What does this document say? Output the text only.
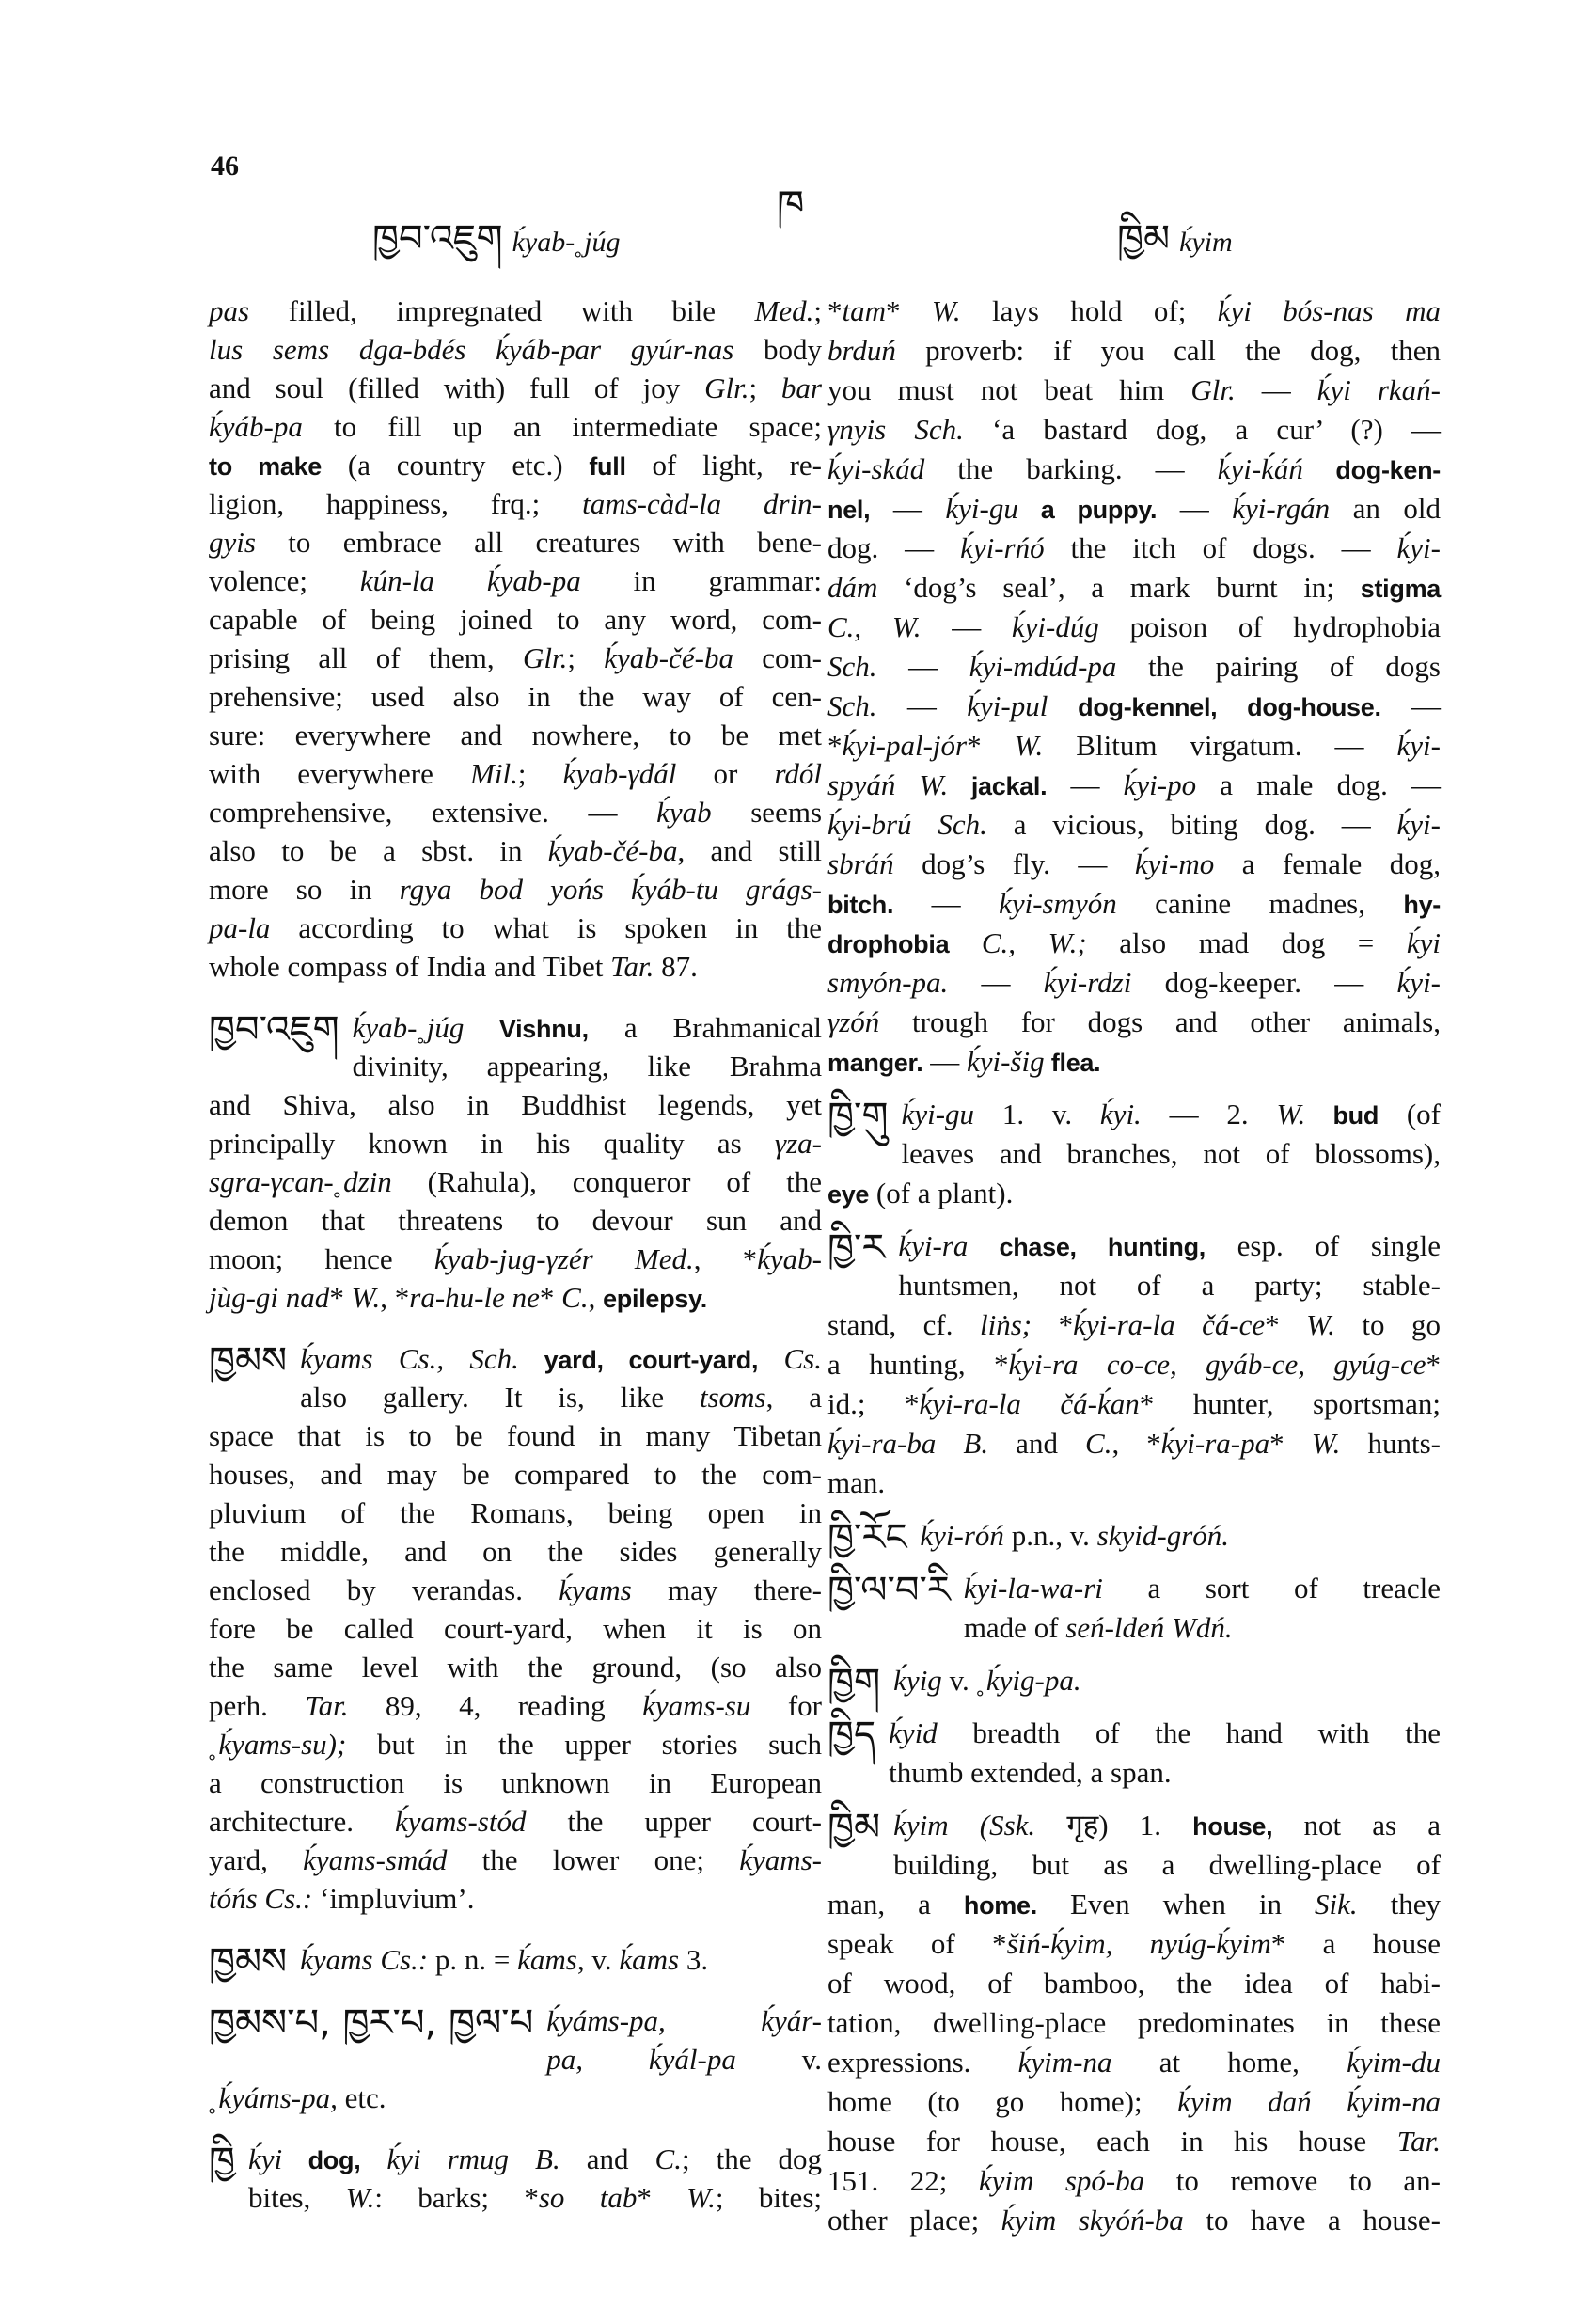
46
ཁྱབ་འཇུག ḱyab-˳júg
ཁ
ཁྱིམ ḱyim
pas filled, impregnated with bile Med.;
lus sems dga-bdés ḱyáb-par gyúr-nas body
and soul (filled with) full of joy Glr.; bar
ḱyáb-pa to fill up an intermediate space;
to make (a country etc.) full of light, re-
ligion, happiness, frq.; tams-càd-la drin-
gyis to embrace all creatures with bene-
volence; kún-la ḱyab-pa in grammar:
capable of being joined to any word, com-
prising all of them, Glr.; ḱyab-čé-ba com-
prehensive; used also in the way of cen-
sure: everywhere and nowhere, to be met
with everywhere Mil.; ḱyab-γdál or rdól
comprehensive, extensive. — ḱyab seems
also to be a sbst. in ḱyab-čé-ba, and still
more so in rgya bod yońs ḱyáb-tu grágs-
pa-la according to what is spoken in the
whole compass of India and Tibet Tar. 87.
ཁྱབ་འཇུག ḱyab-˳júg Vishnu, a Brahmanical
divinity, appearing, like Brahma
and Shiva, also in Buddhist legends, yet
principally known in his quality as γza-
sgra-γcan-˳dzin (Rahula), conqueror of the
demon that threatens to devour sun and
moon; hence ḱyab-jug-γzér Med., *ḱyab-
jùg-gi nad* W., *ra-hu-le ne* C., epilepsy.
ཁྱམས ḱyams Cs., Sch. yard, court-yard, Cs.
also gallery. It is, like tsoms, a
space that is to be found in many Tibetan
houses, and may be compared to the com-
pluvium of the Romans, being open in
the middle, and on the sides generally
enclosed by verandas. ḱyams may there-
fore be called court-yard, when it is on
the same level with the ground, (so also
perh. Tar. 89, 4, reading ḱyams-su for
˳ḱyams-su); but in the upper stories such
a construction is unknown in European
architecture. ḱyams-stód the upper court-
yard, ḱyams-smád the lower one; ḱyams-
tóńs Cs.: ‘impluvium’.
ཁྱམས ḱyams Cs.: p. n. = ḱams, v. ḱams 3.
ཁྱམས་པ, ཁྱར་པ, ཁྱལ་པ ḱyáms-pa, ḱyár-
pa, ḱyál-pa v.
˳ḱyáms-pa, etc.
ཁྱི ḱyi dog, ḱyi rmug B. and C.; the dog
bites, W.: barks; *so tab* W.; bites;
*tam* W. lays hold of; ḱyi bós-nas ma
brduń proverb: if you call the dog, then
you must not beat him Glr. — ḱyi rkań-
γnyis Sch. ‘a bastard dog, a cur’ (?) —
ḱyi-skád the barking. — ḱyi-ḱáń dog-ken-
nel, — ḱyi-gu a puppy. — ḱyi-rgán an old
dog. — ḱyi-rńó the itch of dogs. — ḱyi-
dám ‘dog’s seal’, a mark burnt in; stigma
C., W. — ḱyi-dúg poison of hydrophobia
Sch. — ḱyi-mdúd-pa the pairing of dogs
Sch. — ḱyi-pul dog-kennel, dog-house. —
*ḱyi-pal-jór* W. Blitum virgatum. — ḱyi-
spyáń W. jackal. — ḱyi-po a male dog. —
ḱyi-brú Sch. a vicious, biting dog. — ḱyi-
sbráń dog’s fly. — ḱyi-mo a female dog,
bitch. — ḱyi-smyón canine madnes, hy-
drophobia C., W.; also mad dog = ḱyi
smyón-pa. — ḱyi-rdzi dog-keeper. — ḱyi-
γzóń trough for dogs and other animals,
manger. — ḱyi-šig flea.
ཁྱི་གུ ḱyi-gu 1. v. ḱyi. — 2. W. bud (of
leaves and branches, not of blossoms),
eye (of a plant).
ཁྱི་ར ḱyi-ra chase, hunting, esp. of single
huntsmen, not of a party; stable-
stand, cf. liṅs; *ḱyi-ra-la čá-ce* W. to go
a hunting, *ḱyi-ra co-ce, gyáb-ce, gyúg-ce*
id.; *ḱyi-ra-la čá-ḱan* hunter, sportsman;
ḱyi-ra-ba B. and C., *ḱyi-ra-pa* W. hunts-
man.
ཁྱི་རོང ḱyi-róń p.n., v. skyid-gróń.
ཁྱི་ལ་བ་རི ḱyi-la-wa-ri a sort of treacle
made of seń-ldeń Wdń.
ཁྱིག ḱyig v. ˳ḱyig-pa.
ཁྱིད ḱyid breadth of the hand with the
thumb extended, a span.
ཁྱིམ ḱyim (Ssk. गृह) 1. house, not as a
building, but as a dwelling-place of
man, a home. Even when in Sik. they
speak of *šiń-ḱyim, nyúg-ḱyim* a house
of wood, of bamboo, the idea of habi-
tation, dwelling-place predominates in these
expressions. ḱyim-na at home, ḱyim-du
home (to go home); ḱyim dań ḱyim-na
house for house, each in his house Tar.
151. 22; ḱyim spó-ba to remove to an-
other place; ḱyim skyóń-ba to have a house-
